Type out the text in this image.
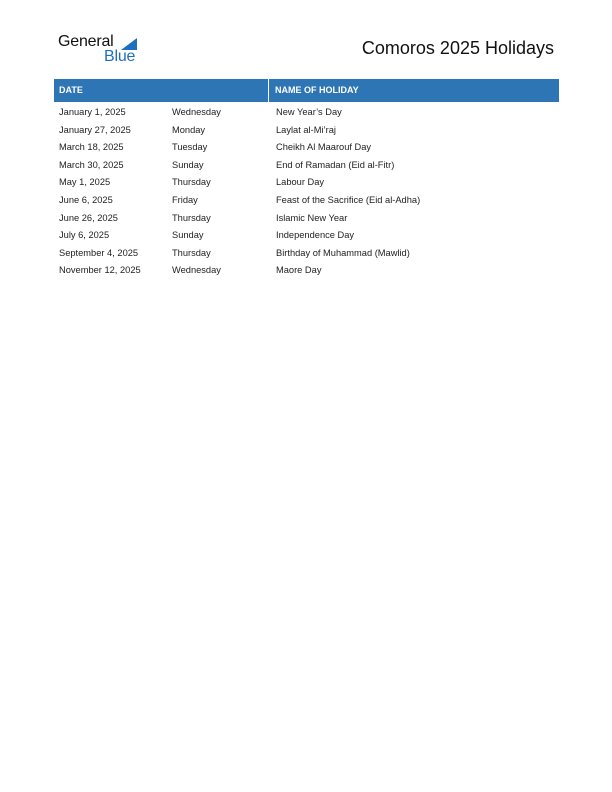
General
Blue	Comoros 2025 Holidays
DATE	NAME OF HOLIDAY
January 1, 2025	Wednesday	New Year’s Day
January 27, 2025	Monday	Laylat al-Mi’raj
March 18, 2025	Tuesday	Cheikh Al Maarouf Day
March 30, 2025	Sunday	End of Ramadan (Eid al-Fitr)
May 1, 2025	Thursday	Labour Day
June 6, 2025	Friday	Feast of the Sacrifice (Eid al-Adha)
June 26, 2025	Thursday	Islamic New Year
July 6, 2025	Sunday	Independence Day
September 4, 2025	Thursday	Birthday of Muhammad (Mawlid)
November 12, 2025	Wednesday	Maore Day
